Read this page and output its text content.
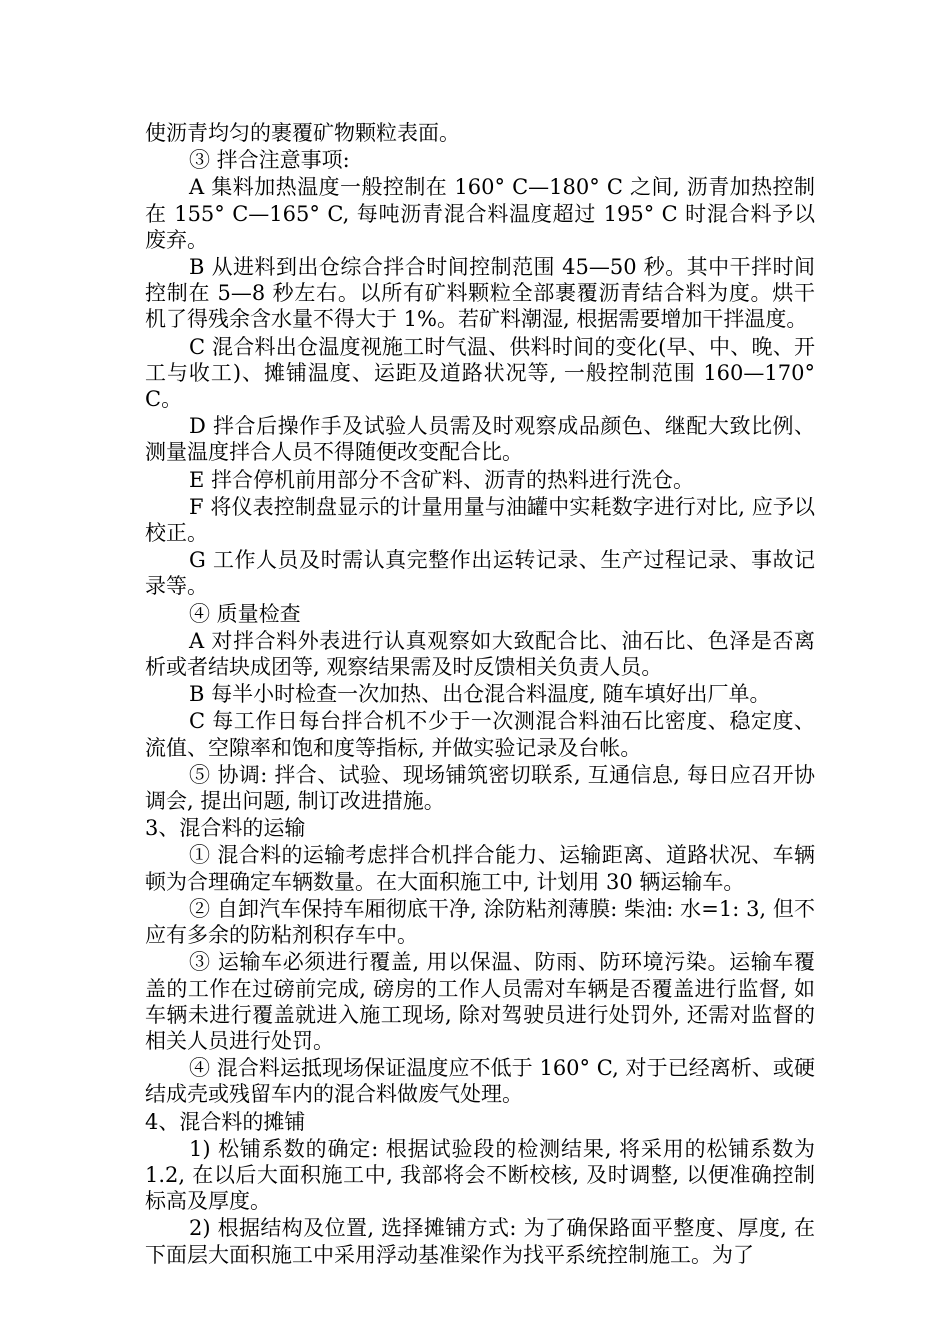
使沥青均匀的裹覆矿物颗粒表面。

③ 拌合注意事项:

A 集料加热温度一般控制在 160° C—180° C 之间, 沥青加热控制在 155° C—165° C, 每吨沥青混合料温度超过 195° C 时混合料予以废弃。

B 从进料到出仓综合拌合时间控制范围 45—50 秒。其中干拌时间控制在 5—8 秒左右。以所有矿料颗粒全部裹覆沥青结合料为度。烘干机了得残余含水量不得大于 1%。若矿料潮湿, 根据需要增加干拌温度。

C 混合料出仓温度视施工时气温、供料时间的变化(早、中、晚、开工与收工)、摊铺温度、运距及道路状况等, 一般控制范围 160—170° C。

D 拌合后操作手及试验人员需及时观察成品颜色、继配大致比例、测量温度拌合人员不得随便改变配合比。

E 拌合停机前用部分不含矿料、沥青的热料进行洗仓。

F 将仪表控制盘显示的计量用量与油罐中实耗数字进行对比, 应予以校正。

G 工作人员及时需认真完整作出运转记录、生产过程记录、事故记录等。

④ 质量检查

A 对拌合料外表进行认真观察如大致配合比、油石比、色泽是否离析或者结块成团等, 观察结果需及时反馈相关负责人员。

B 每半小时检查一次加热、出仓混合料温度, 随车填好出厂单。

C 每工作日每台拌合机不少于一次测混合料油石比密度、稳定度、流值、空隙率和饱和度等指标, 并做实验记录及台帐。

⑤ 协调: 拌合、试验、现场铺筑密切联系, 互通信息, 每日应召开协调会, 提出问题, 制订改进措施。

3、混合料的运输

① 混合料的运输考虑拌合机拌合能力、运输距离、道路状况、车辆顿为合理确定车辆数量。在大面积施工中, 计划用 30 辆运输车。

② 自卸汽车保持车厢彻底干净, 涂防粘剂薄膜: 柴油: 水=1: 3, 但不应有多余的防粘剂积存车中。

③ 运输车必须进行覆盖, 用以保温、防雨、防环境污染。运输车覆盖的工作在过磅前完成, 磅房的工作人员需对车辆是否覆盖进行监督, 如车辆未进行覆盖就进入施工现场, 除对驾驶员进行处罚外, 还需对监督的相关人员进行处罚。

④ 混合料运抵现场保证温度应不低于 160° C, 对于已经离析、或硬结成壳或残留车内的混合料做废气处理。

4、混合料的摊铺

1) 松铺系数的确定: 根据试验段的检测结果, 将采用的松铺系数为 1.2, 在以后大面积施工中, 我部将会不断校核, 及时调整, 以便准确控制标高及厚度。

2) 根据结构及位置, 选择摊铺方式: 为了确保路面平整度、厚度, 在下面层大面积施工中采用浮动基准梁作为找平系统控制施工。为了
